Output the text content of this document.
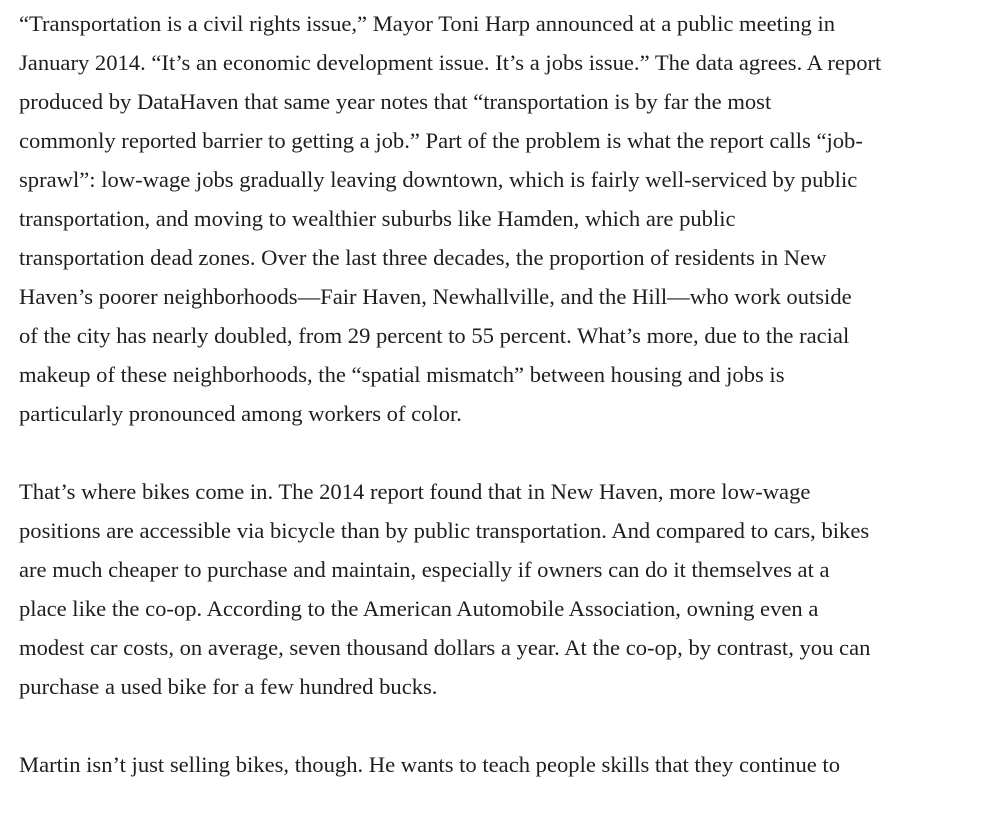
“Transportation is a civil rights issue,” Mayor Toni Harp announced at a public meeting in
January 2014. “It’s an economic development issue. It’s a jobs issue.” The data agrees. A report
produced by DataHaven that same year notes that “transportation is by far the most
commonly reported barrier to getting a job.” Part of the problem is what the report calls “job-
sprawl”: low-wage jobs gradually leaving downtown, which is fairly well-serviced by public
transportation, and moving to wealthier suburbs like Hamden, which are public
transportation dead zones. Over the last three decades, the proportion of residents in New
Haven’s poorer neighborhoods—Fair Haven, Newhallville, and the Hill—who work outside
of the city has nearly doubled, from 29 percent to 55 percent. What’s more, due to the racial
makeup of these neighborhoods, the “spatial mismatch” between housing and jobs is
particularly pronounced among workers of color.

That’s where bikes come in. The 2014 report found that in New Haven, more low-wage
positions are accessible via bicycle than by public transportation. And compared to cars, bikes
are much cheaper to purchase and maintain, especially if owners can do it themselves at a
place like the co-op. According to the American Automobile Association, owning even a
modest car costs, on average, seven thousand dollars a year. At the co-op, by contrast, you can
purchase a used bike for a few hundred bucks.

Martin isn’t just selling bikes, though. He wants to teach people skills that they continue to
